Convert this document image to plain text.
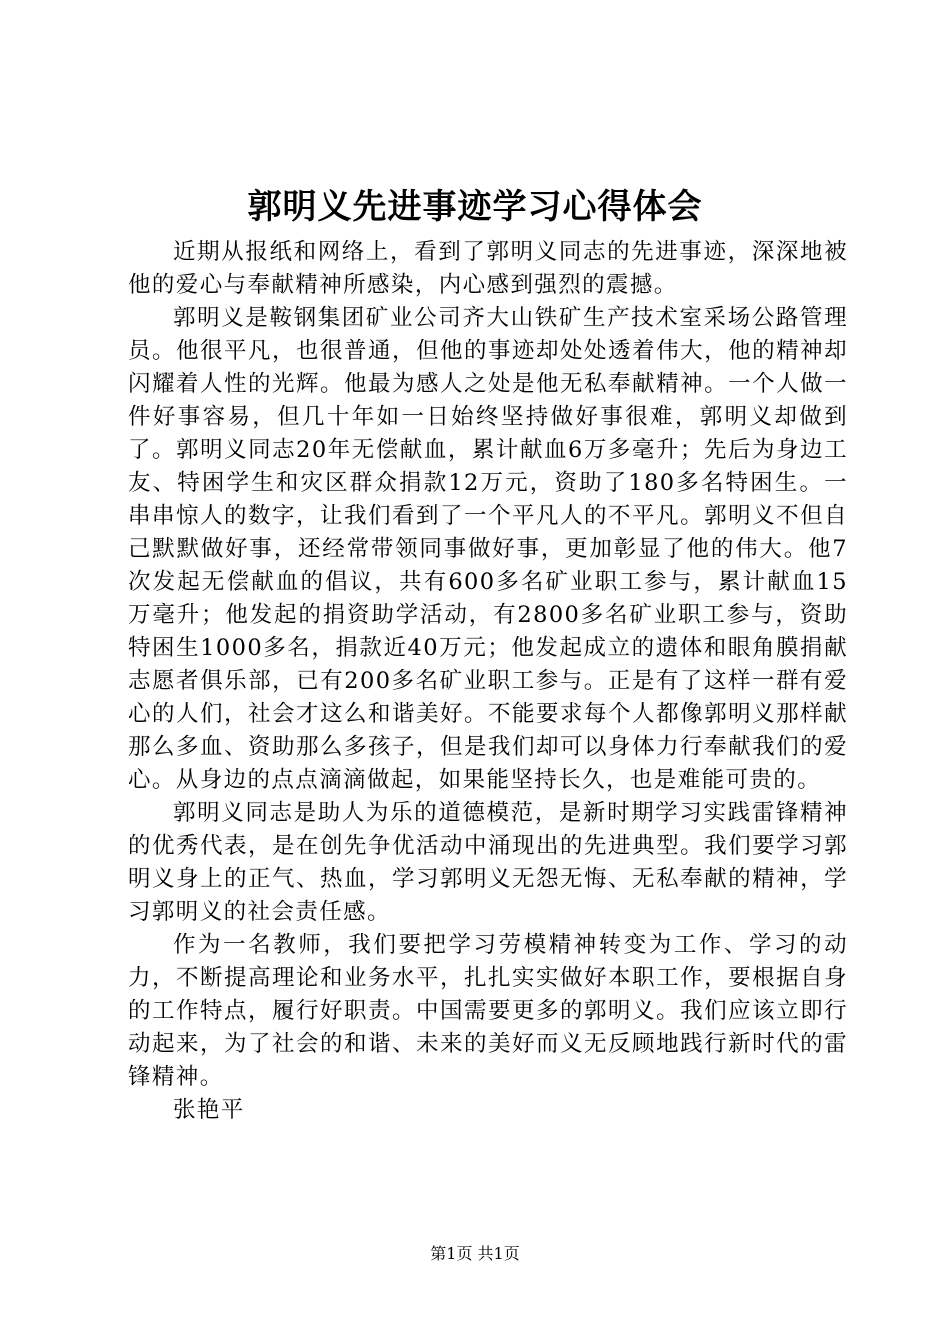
郭明义先进事迹学习心得体会

近期从报纸和网络上，看到了郭明义同志的先进事迹，深深地被他的爱心与奉献精神所感染，内心感到强烈的震撼。

郭明义是鞍钢集团矿业公司齐大山铁矿生产技术室采场公路管理员。他很平凡，也很普通，但他的事迹却处处透着伟大，他的精神却闪耀着人性的光辉。他最为感人之处是他无私奉献精神。一个人做一件好事容易，但几十年如一日始终坚持做好事很难，郭明义却做到了。郭明义同志20年无偿献血，累计献血6万多毫升；先后为身边工友、特困学生和灾区群众捐款12万元，资助了180多名特困生。一串串惊人的数字，让我们看到了一个平凡人的不平凡。郭明义不但自己默默做好事，还经常带领同事做好事，更加彰显了他的伟大。他7次发起无偿献血的倡议，共有600多名矿业职工参与，累计献血15万毫升；他发起的捐资助学活动，有2800多名矿业职工参与，资助特困生1000多名，捐款近40万元；他发起成立的遗体和眼角膜捐献志愿者俱乐部，已有200多名矿业职工参与。正是有了这样一群有爱心的人们，社会才这么和谐美好。不能要求每个人都像郭明义那样献那么多血、资助那么多孩子，但是我们却可以身体力行奉献我们的爱心。从身边的点点滴滴做起，如果能坚持长久，也是难能可贵的。

郭明义同志是助人为乐的道德模范，是新时期学习实践雷锋精神的优秀代表，是在创先争优活动中涌现出的先进典型。我们要学习郭明义身上的正气、热血，学习郭明义无怨无悔、无私奉献的精神，学习郭明义的社会责任感。

作为一名教师，我们要把学习劳模精神转变为工作、学习的动力，不断提高理论和业务水平，扎扎实实做好本职工作，要根据自身的工作特点，履行好职责。中国需要更多的郭明义。我们应该立即行动起来，为了社会的和谐、未来的美好而义无反顾地践行新时代的雷锋精神。

张艳平

第1页 共1页
